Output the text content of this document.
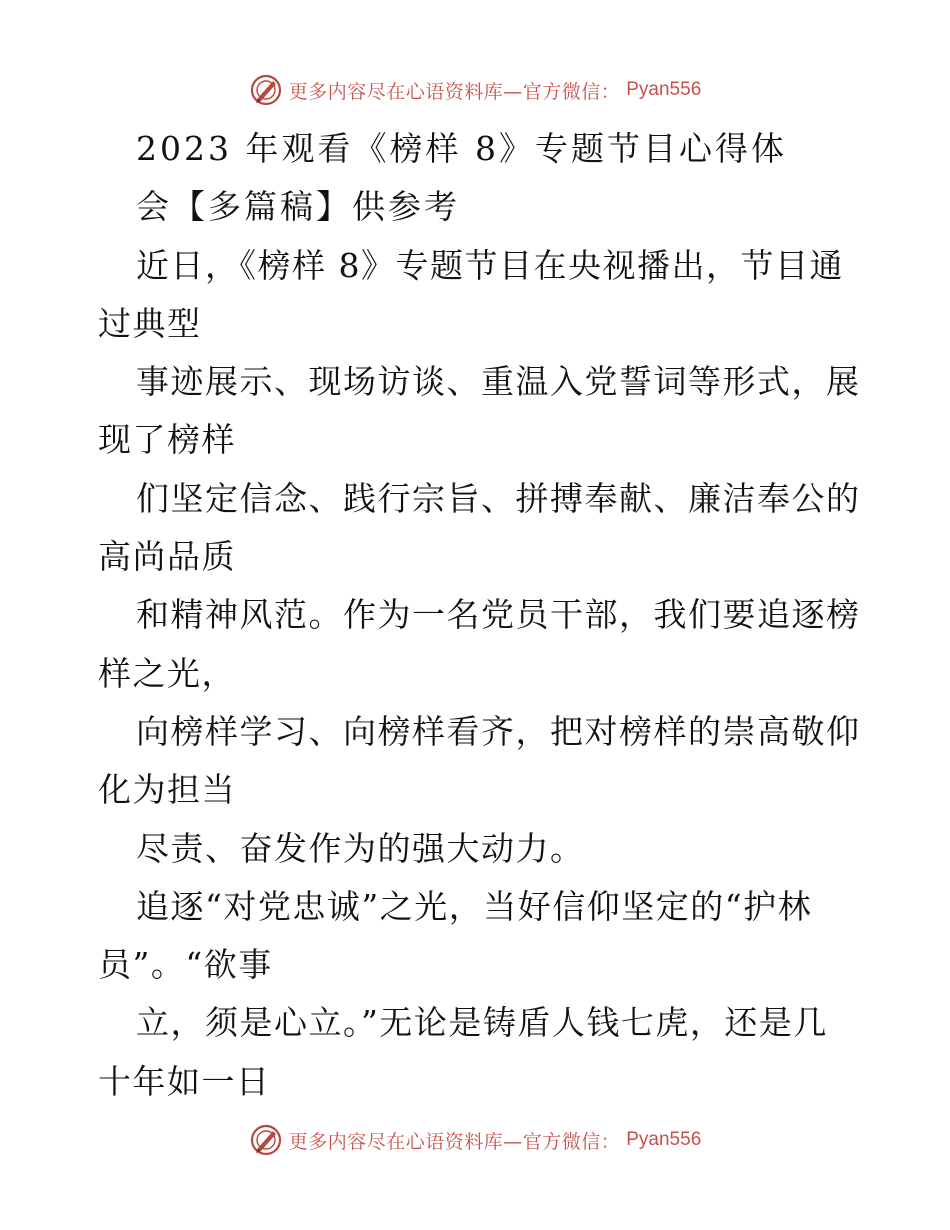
更多内容尽在心语资料库—官方微信： Pyan556
2023 年观看《榜样 8》专题节目心得体
会【多篇稿】供参考
近日，《榜样 8》专题节目在央视播出，节目通
过典型
事迹展示、现场访谈、重温入党誓词等形式，展
现了榜样
们坚定信念、践行宗旨、拼搏奉献、廉洁奉公的
高尚品质
和精神风范。作为一名党员干部，我们要追逐榜
样之光，
向榜样学习、向榜样看齐，把对榜样的崇高敬仰
化为担当
尽责、奋发作为的强大动力。
追逐“对党忠诚”之光，当好信仰坚定的“护林
员”。“欲事
立，须是心立。”无论是铸盾人钱七虎，还是几
十年如一日
更多内容尽在心语资料库—官方微信： Pyan556
